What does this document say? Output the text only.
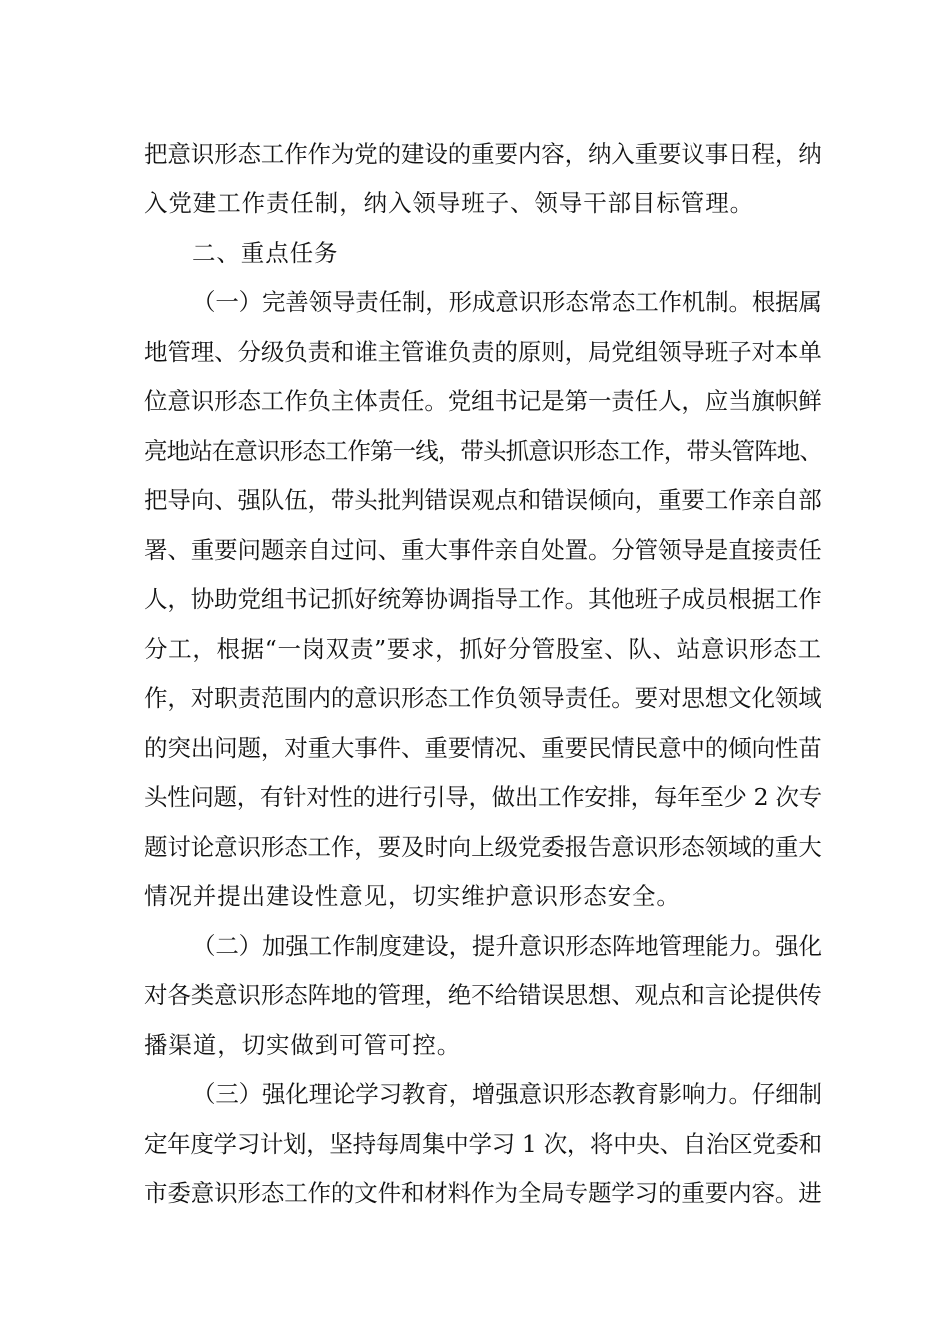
把意识形态工作作为党的建设的重要内容，纳入重要议事日程，纳

入党建工作责任制，纳入领导班子、领导干部目标管理。

二、重点任务

（一）完善领导责任制，形成意识形态常态工作机制。根据属

地管理、分级负责和谁主管谁负责的原则，局党组领导班子对本单

位意识形态工作负主体责任。党组书记是第一责任人，应当旗帜鲜

亮地站在意识形态工作第一线，带头抓意识形态工作，带头管阵地、

把导向、强队伍，带头批判错误观点和错误倾向，重要工作亲自部

署、重要问题亲自过问、重大事件亲自处置。分管领导是直接责任

人，协助党组书记抓好统筹协调指导工作。其他班子成员根据工作

分工，根据“一岗双责”要求，抓好分管股室、队、站意识形态工

作，对职责范围内的意识形态工作负领导责任。要对思想文化领域

的突出问题，对重大事件、重要情况、重要民情民意中的倾向性苗

头性问题，有针对性的进行引导，做出工作安排，每年至少 2 次专

题讨论意识形态工作，要及时向上级党委报告意识形态领域的重大

情况并提出建设性意见，切实维护意识形态安全。

（二）加强工作制度建设，提升意识形态阵地管理能力。强化

对各类意识形态阵地的管理，绝不给错误思想、观点和言论提供传

播渠道，切实做到可管可控。

（三）强化理论学习教育，增强意识形态教育影响力。仔细制

定年度学习计划，坚持每周集中学习 1 次，将中央、自治区党委和

市委意识形态工作的文件和材料作为全局专题学习的重要内容。进
